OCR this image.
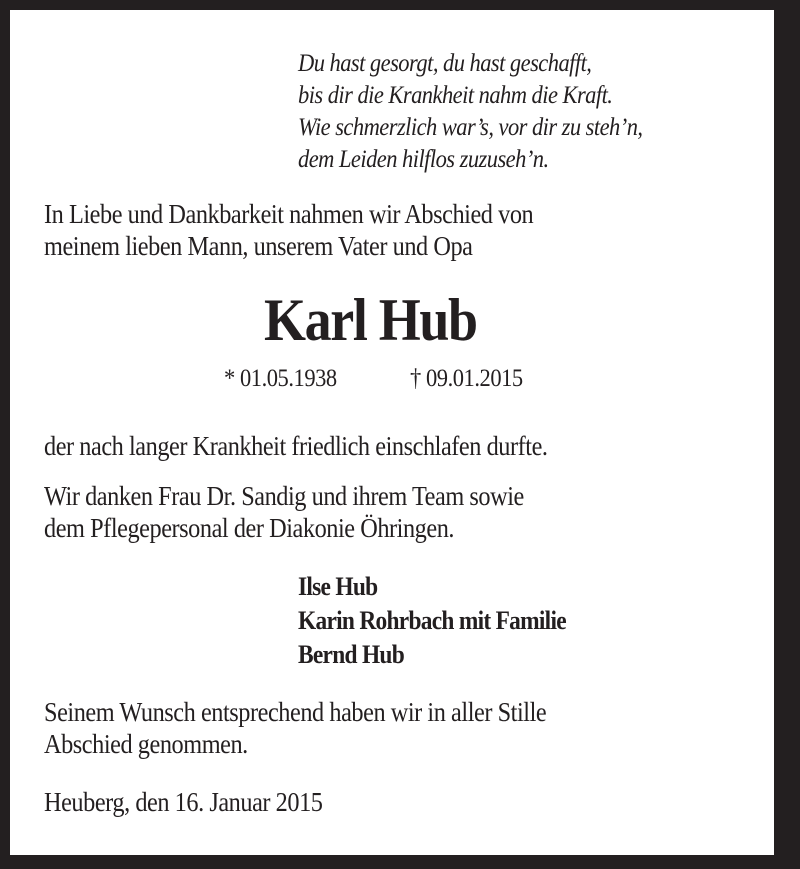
Du hast gesorgt, du hast geschafft,
bis dir die Krankheit nahm die Kraft.
Wie schmerzlich war’s, vor dir zu steh’n,
dem Leiden hilflos zuzuseh’n.
In Liebe und Dankbarkeit nahmen wir Abschied von
meinem lieben Mann, unserem Vater und Opa
Karl Hub
* 01.05.1938	† 09.01.2015
der nach langer Krankheit friedlich einschlafen durfte.
Wir danken Frau Dr. Sandig und ihrem Team sowie
dem Pflegepersonal der Diakonie Öhringen.
Ilse Hub
Karin Rohrbach mit Familie
Bernd Hub
Seinem Wunsch entsprechend haben wir in aller Stille
Abschied genommen.
Heuberg, den 16. Januar 2015
